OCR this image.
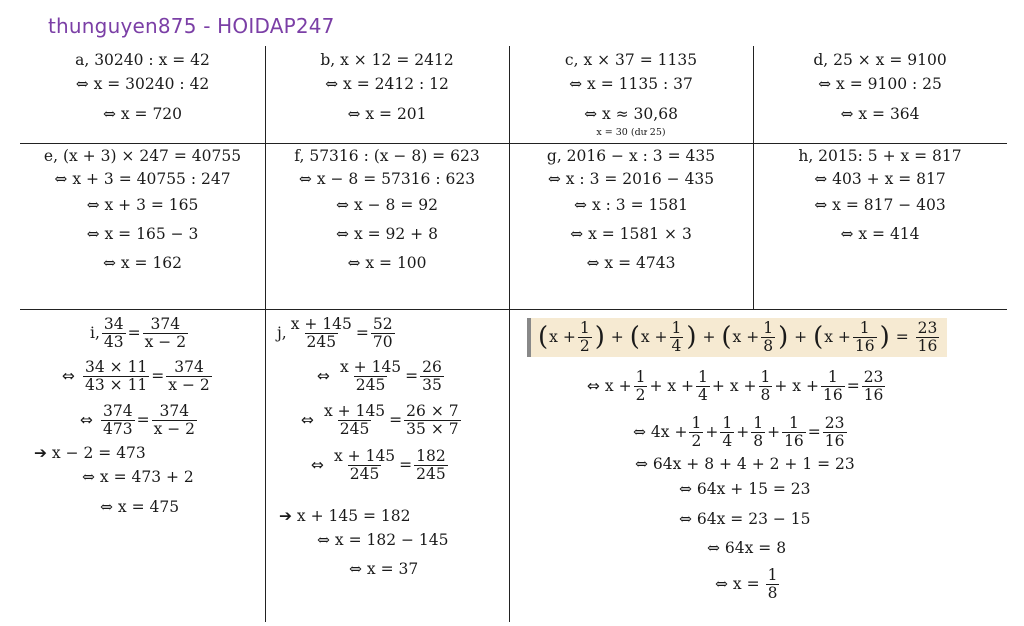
thunguyen875 - HOIDAP247
a, 30240 : x = 42
⇔ x = 30240 : 42
⇔ x = 720
b, x × 12 = 2412
⇔ x = 2412 : 12
⇔ x = 201
c, x × 37 = 1135
⇔ x = 1135 : 37
⇔ x ≈ 30,68
x = 30 (dư 25)
d, 25 × x = 9100
⇔ x = 9100 : 25
⇔ x = 364
e, (x + 3) × 247 = 40755
⇔ x + 3 = 40755 : 247
⇔ x + 3 = 165
⇔ x = 165 − 3
⇔ x = 162
f, 57316 : (x − 8) = 623
⇔ x − 8 = 57316 : 623
⇔ x − 8 = 92
⇔ x = 92 + 8
⇔ x = 100
g, 2016 − x : 3 = 435
⇔ x : 3 = 2016 − 435
⇔ x : 3 = 1581
⇔ x = 1581 × 3
⇔ x = 4743
h, 2015: 5 + x = 817
⇔ 403 + x = 817
⇔ x = 817 − 403
⇔ x = 414
i, $\frac{34}{43} = \frac{374}{x - 2}$
⇔ $\frac{34 \times 11}{43 \times 11} = \frac{374}{x - 2}$
⇔ $\frac{374}{473} = \frac{374}{x - 2}$
➔ x − 2 = 473
⇔ x = 473 + 2
⇔ x = 475
j, $\frac{x + 145}{245} = \frac{52}{70}$
⇔ $\frac{x + 145}{245} = \frac{26}{35}$
⇔ $\frac{x + 145}{245} = \frac{26 \times 7}{35 \times 7}$
⇔ $\frac{x + 145}{245} = \frac{182}{245}$
➔ x + 145 = 182
⇔ x = 182 − 145
⇔ x = 37
( $x + \frac{1}{2}$ ) + ( $x + \frac{1}{4}$ ) + ( $x + \frac{1}{8}$ ) + ( $x + \frac{1}{16}$ ) = $\frac{23}{16}$
⇔ $x + \frac{1}{2} + x + \frac{1}{4} + x + \frac{1}{8} + x + \frac{1}{16} = \frac{23}{16}$
⇔ $4x + \frac{1}{2} + \frac{1}{4} + \frac{1}{8} + \frac{1}{16} = \frac{23}{16}$
⇔ 64x + 8 + 4 + 2 + 1 = 23
⇔ 64x + 15 = 23
⇔ 64x = 23 − 15
⇔ 64x = 8
⇔ $x = \frac{1}{8}$
